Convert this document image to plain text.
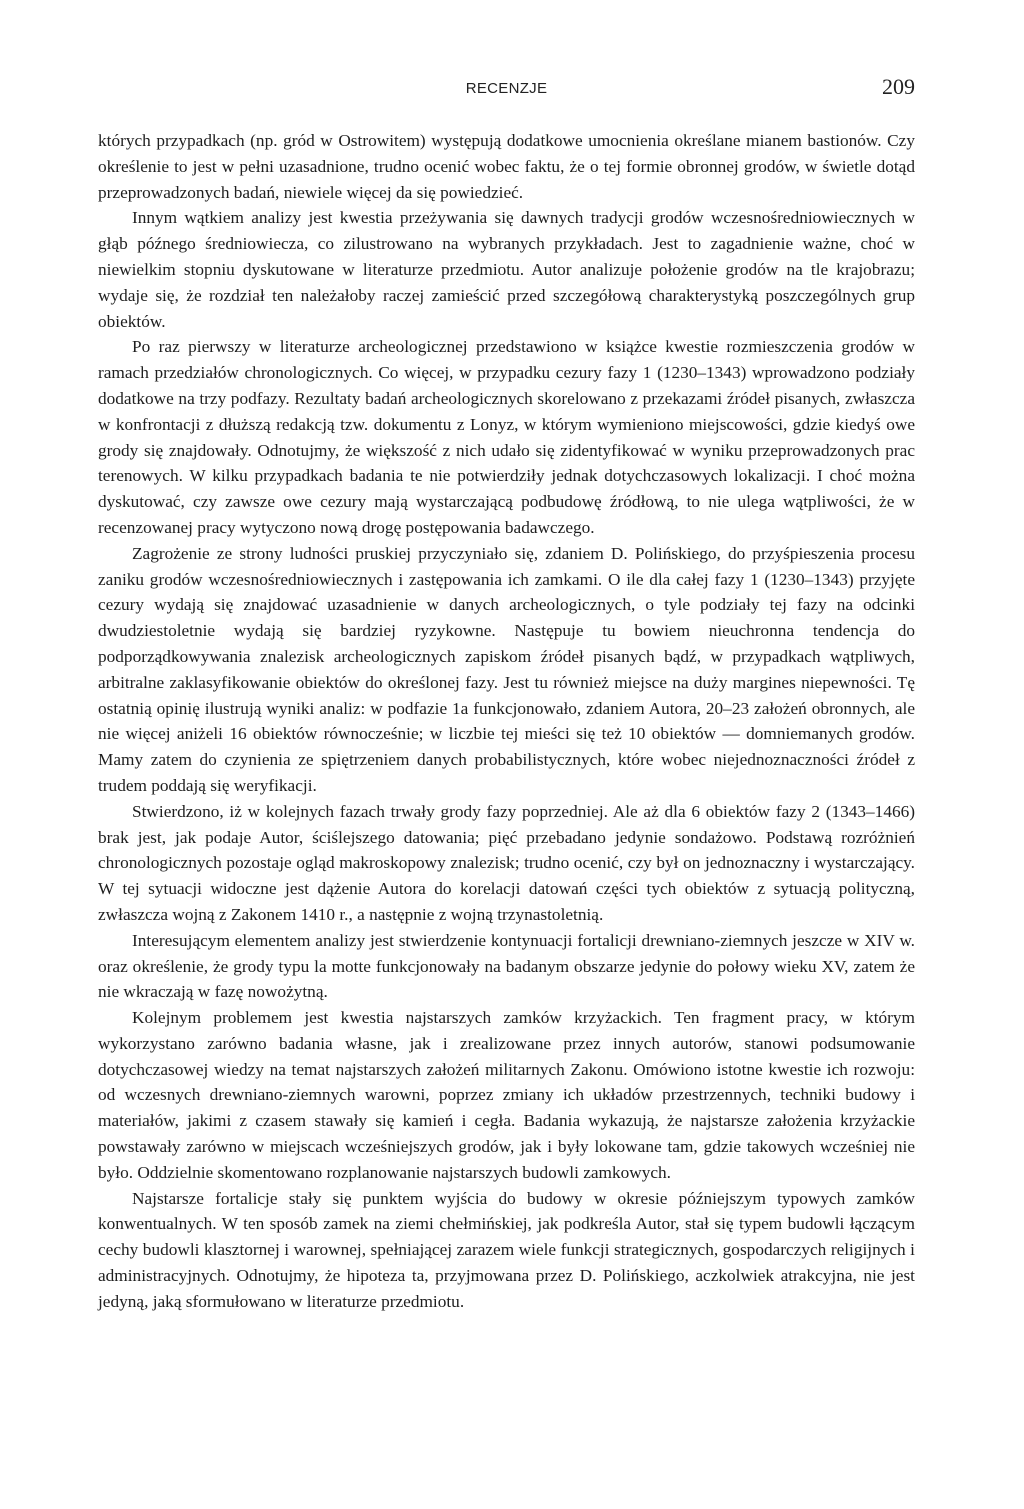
RECENZJE	209

których przypadkach (np. gród w Ostrowitem) występują dodatkowe umocnienia określane mianem bastionów. Czy określenie to jest w pełni uzasadnione, trudno ocenić wobec faktu, że o tej formie obronnej grodów, w świetle dotąd przeprowadzonych badań, niewiele więcej da się powiedzieć.

Innym wątkiem analizy jest kwestia przeżywania się dawnych tradycji grodów wczesnośredniowiecznych w głąb późnego średniowiecza, co zilustrowano na wybranych przykładach. Jest to zagadnienie ważne, choć w niewielkim stopniu dyskutowane w literaturze przedmiotu. Autor analizuje położenie grodów na tle krajobrazu; wydaje się, że rozdział ten należałoby raczej zamieścić przed szczegółową charakterystyką poszczególnych grup obiektów.

Po raz pierwszy w literaturze archeologicznej przedstawiono w książce kwestie rozmieszczenia grodów w ramach przedziałów chronologicznych. Co więcej, w przypadku cezury fazy 1 (1230–1343) wprowadzono podziały dodatkowe na trzy podfazy. Rezultaty badań archeologicznych skorelowano z przekazami źródeł pisanych, zwłaszcza w konfrontacji z dłuższą redakcją tzw. dokumentu z Lonyz, w którym wymieniono miejscowości, gdzie kiedyś owe grody się znajdowały. Odnotujmy, że większość z nich udało się zidentyfikować w wyniku przeprowadzonych prac terenowych. W kilku przypadkach badania te nie potwierdziły jednak dotychczasowych lokalizacji. I choć można dyskutować, czy zawsze owe cezury mają wystarczającą podbudowę źródłową, to nie ulega wątpliwości, że w recenzowanej pracy wytyczono nową drogę postępowania badawczego.

Zagrożenie ze strony ludności pruskiej przyczyniało się, zdaniem D. Polińskiego, do przyśpieszenia procesu zaniku grodów wczesnośredniowiecznych i zastępowania ich zamkami. O ile dla całej fazy 1 (1230–1343) przyjęte cezury wydają się znajdować uzasadnienie w danych archeologicznych, o tyle podziały tej fazy na odcinki dwudziestoletnie wydają się bardziej ryzykowne. Następuje tu bowiem nieuchronna tendencja do podporządkowywania znalezisk archeologicznych zapiskom źródeł pisanych bądź, w przypadkach wątpliwych, arbitralne zaklasyfikowanie obiektów do określonej fazy. Jest tu również miejsce na duży margines niepewności. Tę ostatnią opinię ilustrują wyniki analiz: w podfazie 1a funkcjonowało, zdaniem Autora, 20–23 założeń obronnych, ale nie więcej aniżeli 16 obiektów równocześnie; w liczbie tej mieści się też 10 obiektów — domniemanych grodów. Mamy zatem do czynienia ze spiętrzeniem danych probabilistycznych, które wobec niejednoznaczności źródeł z trudem poddają się weryfikacji.

Stwierdzono, iż w kolejnych fazach trwały grody fazy poprzedniej. Ale aż dla 6 obiektów fazy 2 (1343–1466) brak jest, jak podaje Autor, ściślejszego datowania; pięć przebadano jedynie sondażowo. Podstawą rozróżnień chronologicznych pozostaje ogląd makroskopowy znalezisk; trudno ocenić, czy był on jednoznaczny i wystarczający. W tej sytuacji widoczne jest dążenie Autora do korelacji datowań części tych obiektów z sytuacją polityczną, zwłaszcza wojną z Zakonem 1410 r., a następnie z wojną trzynastoletnią.

Interesującym elementem analizy jest stwierdzenie kontynuacji fortalicji drewniano-ziemnych jeszcze w XIV w. oraz określenie, że grody typu la motte funkcjonowały na badanym obszarze jedynie do połowy wieku XV, zatem że nie wkraczają w fazę nowożytną.

Kolejnym problemem jest kwestia najstarszych zamków krzyżackich. Ten fragment pracy, w którym wykorzystano zarówno badania własne, jak i zrealizowane przez innych autorów, stanowi podsumowanie dotychczasowej wiedzy na temat najstarszych założeń militarnych Zakonu. Omówiono istotne kwestie ich rozwoju: od wczesnych drewniano-ziemnych warowni, poprzez zmiany ich układów przestrzennych, techniki budowy i materiałów, jakimi z czasem stawały się kamień i cegła. Badania wykazują, że najstarsze założenia krzyżackie powstawały zarówno w miejscach wcześniejszych grodów, jak i były lokowane tam, gdzie takowych wcześniej nie było. Oddzielnie skomentowano rozplanowanie najstarszych budowli zamkowych.

Najstarsze fortalicje stały się punktem wyjścia do budowy w okresie późniejszym typowych zamków konwentualnych. W ten sposób zamek na ziemi chełmińskiej, jak podkreśla Autor, stał się typem budowli łączącym cechy budowli klasztornej i warownej, spełniającej zarazem wiele funkcji strategicznych, gospodarczych religijnych i administracyjnych. Odnotujmy, że hipoteza ta, przyjmowana przez D. Polińskiego, aczkolwiek atrakcyjna, nie jest jedyną, jaką sformułowano w literaturze przedmiotu.
